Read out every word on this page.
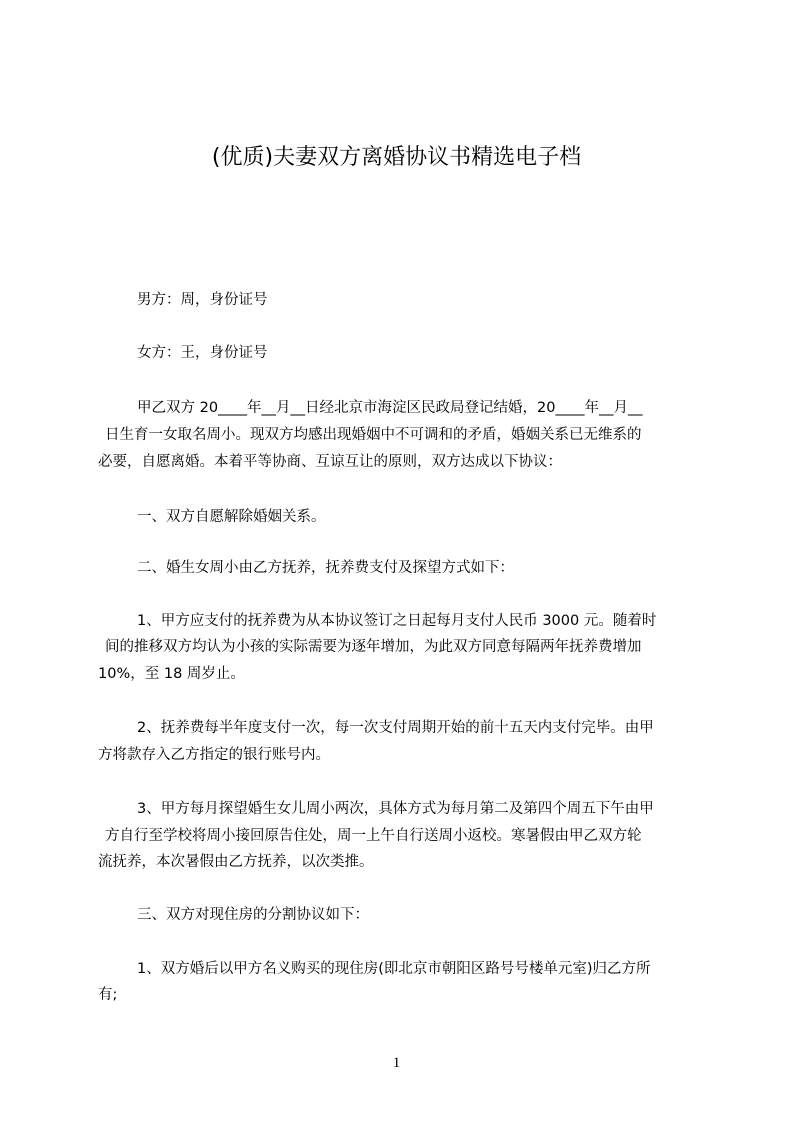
(优质)夫妻双方离婚协议书精选电子档
男方：周，身份证号
女方：王，身份证号
甲乙双方 20____年__月__日经北京市海淀区民政局登记结婚，20____年__月__
日生育一女取名周小。现双方均感出现婚姻中不可调和的矛盾，婚姻关系已无维系的
必要，自愿离婚。本着平等协商、互谅互让的原则，双方达成以下协议：
一、双方自愿解除婚姻关系。
二、婚生女周小由乙方抚养，抚养费支付及探望方式如下：
1、甲方应支付的抚养费为从本协议签订之日起每月支付人民币 3000 元。随着时
间的推移双方均认为小孩的实际需要为逐年增加，为此双方同意每隔两年抚养费增加
10%，至 18 周岁止。
2、抚养费每半年度支付一次，每一次支付周期开始的前十五天内支付完毕。由甲
方将款存入乙方指定的银行账号内。
3、甲方每月探望婚生女儿周小两次，具体方式为每月第二及第四个周五下午由甲
方自行至学校将周小接回原告住处，周一上午自行送周小返校。寒暑假由甲乙双方轮
流抚养，本次暑假由乙方抚养，以次类推。
三、双方对现住房的分割协议如下：
1、双方婚后以甲方名义购买的现住房(即北京市朝阳区路号号楼单元室)归乙方所
有;
1
